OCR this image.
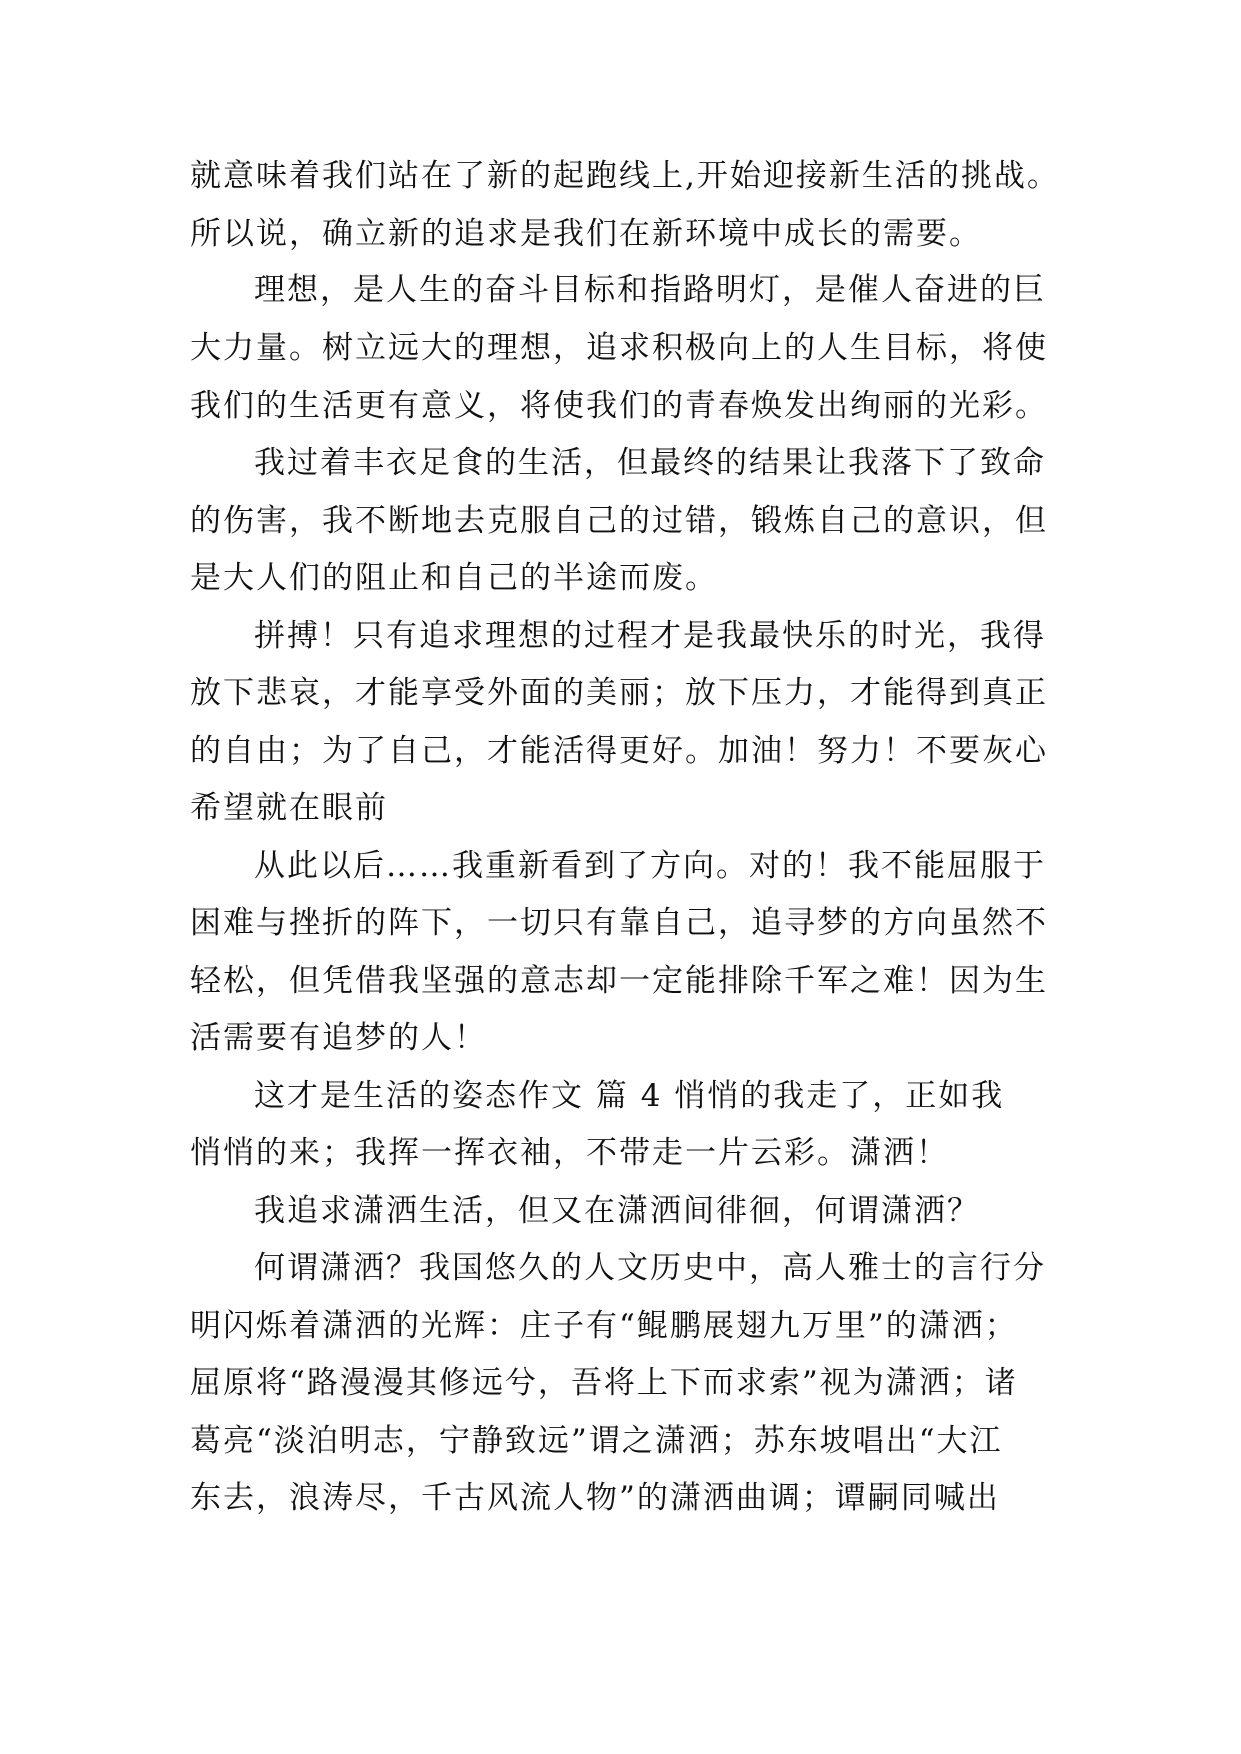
就意味着我们站在了新的起跑线上,开始迎接新生活的挑战。
所以说，确立新的追求是我们在新环境中成长的需要。
理想，是人生的奋斗目标和指路明灯，是催人奋进的巨
大力量。树立远大的理想，追求积极向上的人生目标，将使
我们的生活更有意义，将使我们的青春焕发出绚丽的光彩。
我过着丰衣足食的生活，但最终的结果让我落下了致命
的伤害，我不断地去克服自己的过错，锻炼自己的意识，但
是大人们的阻止和自己的半途而废。
拼搏！只有追求理想的过程才是我最快乐的时光，我得
放下悲哀，才能享受外面的美丽；放下压力，才能得到真正
的自由；为了自己，才能活得更好。加油！努力！不要灰心
希望就在眼前
从此以后……我重新看到了方向。对的！我不能屈服于
困难与挫折的阵下，一切只有靠自己，追寻梦的方向虽然不
轻松，但凭借我坚强的意志却一定能排除千军之难！因为生
活需要有追梦的人！
这才是生活的姿态作文 篇 4 悄悄的我走了，正如我
悄悄的来；我挥一挥衣袖，不带走一片云彩。潇洒！
我追求潇洒生活，但又在潇洒间徘徊，何谓潇洒？
何谓潇洒？我国悠久的人文历史中，高人雅士的言行分
明闪烁着潇洒的光辉：庄子有“鲲鹏展翅九万里”的潇洒；
屈原将“路漫漫其修远兮，吾将上下而求索”视为潇洒；诸
葛亮“淡泊明志，宁静致远”谓之潇洒；苏东坡唱出“大江
东去，浪涛尽，千古风流人物”的潇洒曲调；谭嗣同喊出
